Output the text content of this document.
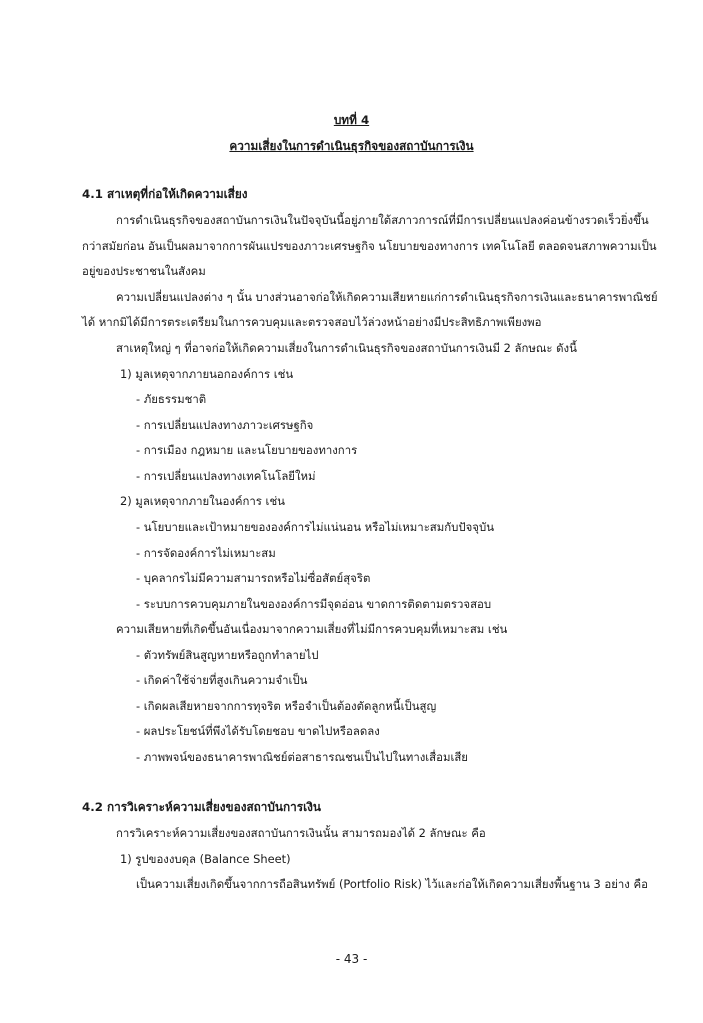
บทที่ 4
ความเสี่ยงในการดำเนินธุรกิจของสถาบันการเงิน
4.1 สาเหตุที่ก่อให้เกิดความเสี่ยง
การดำเนินธุรกิจของสถาบันการเงินในปัจจุบันนี้อยู่ภายใต้สภาวการณ์ที่มีการเปลี่ยนแปลงค่อนข้างรวดเร็วยิ่งขึ้น
กว่าสมัยก่อน อันเป็นผลมาจากการผันแปรของภาวะเศรษฐกิจ นโยบายของทางการ เทคโนโลยี ตลอดจนสภาพความเป็น
อยู่ของประชาชนในสังคม
ความเปลี่ยนแปลงต่าง ๆ นั้น บางส่วนอาจก่อให้เกิดความเสียหายแก่การดำเนินธุรกิจการเงินและธนาคารพาณิชย์
ได้ หากมิได้มีการตระเตรียมในการควบคุมและตรวจสอบไว้ล่วงหน้าอย่างมีประสิทธิภาพเพียงพอ
สาเหตุใหญ่ ๆ ที่อาจก่อให้เกิดความเสี่ยงในการดำเนินธุรกิจของสถาบันการเงินมี 2 ลักษณะ ดังนี้
1) มูลเหตุจากภายนอกองค์การ เช่น
- ภัยธรรมชาติ
- การเปลี่ยนแปลงทางภาวะเศรษฐกิจ
- การเมือง กฎหมาย และนโยบายของทางการ
- การเปลี่ยนแปลงทางเทคโนโลยีใหม่
2) มูลเหตุจากภายในองค์การ เช่น
- นโยบายและเป้าหมายขององค์การไม่แน่นอน หรือไม่เหมาะสมกับปัจจุบัน
- การจัดองค์การไม่เหมาะสม
- บุคลากรไม่มีความสามารถหรือไม่ซื่อสัตย์สุจริต
- ระบบการควบคุมภายในขององค์การมีจุดอ่อน ขาดการติดตามตรวจสอบ
ความเสียหายที่เกิดขึ้นอันเนื่องมาจากความเสี่ยงที่ไม่มีการควบคุมที่เหมาะสม เช่น
- ตัวทรัพย์สินสูญหายหรือถูกทำลายไป
- เกิดค่าใช้จ่ายที่สูงเกินความจำเป็น
- เกิดผลเสียหายจากการทุจริต หรือจำเป็นต้องตัดลูกหนี้เป็นสูญ
- ผลประโยชน์ที่พึงได้รับโดยชอบ ขาดไปหรือลดลง
- ภาพพจน์ของธนาคารพาณิชย์ต่อสาธารณชนเป็นไปในทางเสื่อมเสีย
4.2 การวิเคราะห์ความเสี่ยงของสถาบันการเงิน
การวิเคราะห์ความเสี่ยงของสถาบันการเงินนั้น สามารถมองได้ 2 ลักษณะ คือ
1) รูปของงบดุล (Balance Sheet)
เป็นความเสี่ยงเกิดขึ้นจากการถือสินทรัพย์ (Portfolio Risk) ไว้และก่อให้เกิดความเสี่ยงพื้นฐาน 3 อย่าง คือ
- 43 -
